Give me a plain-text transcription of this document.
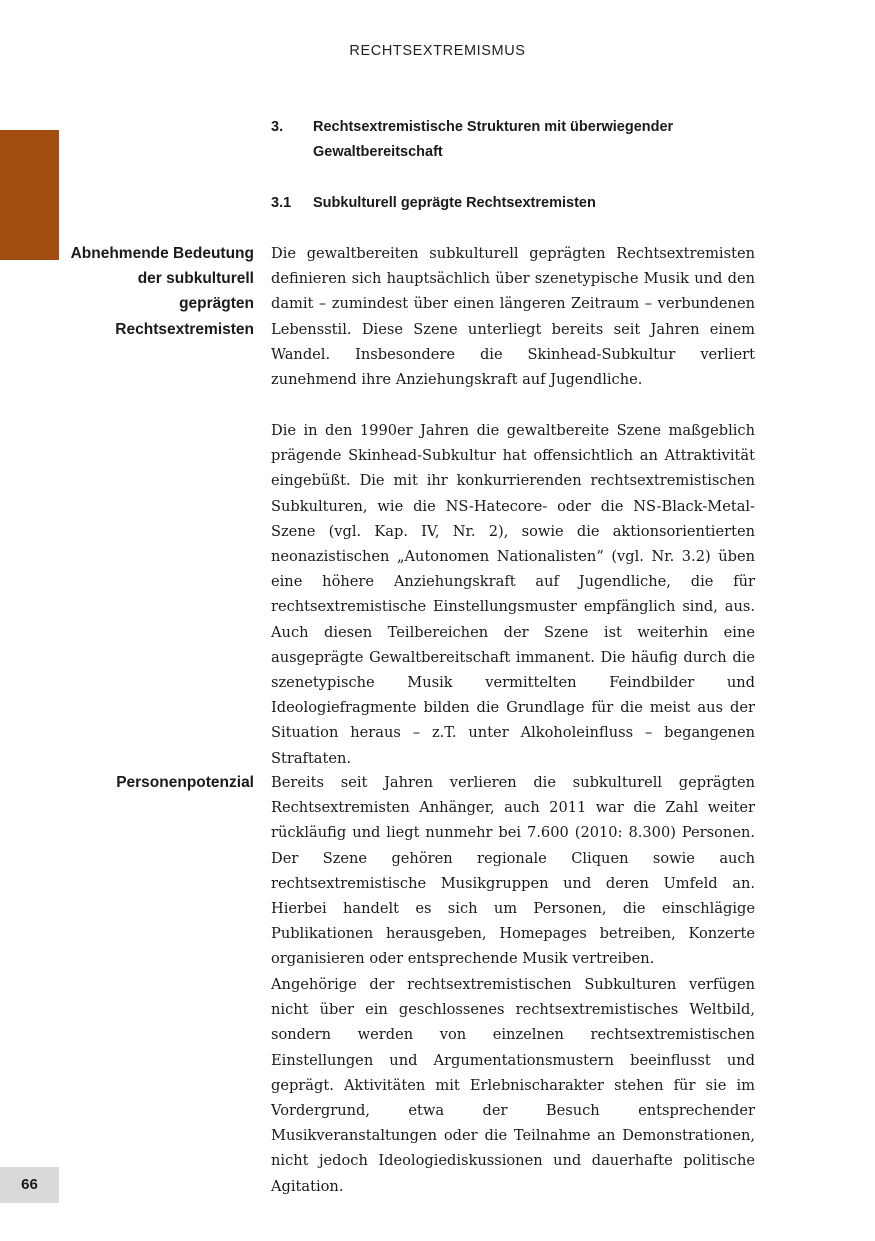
RECHTSEXTREMISMUS
66
3. Rechtsextremistische Strukturen mit überwiegender Gewaltbereitschaft
3.1 Subkulturell geprägte Rechtsextremisten
Abnehmende Bedeutung der subkulturell geprägten Rechtsextremisten
Personenpotenzial

Die gewaltbereiten subkulturell geprägten Rechtsextremisten definieren sich hauptsächlich über szenetypische Musik und den damit – zumindest über einen längeren Zeitraum – verbundenen Lebensstil. Diese Szene unterliegt bereits seit Jahren einem Wandel. Insbesondere die Skinhead-Subkultur verliert zunehmend ihre Anziehungskraft auf Jugendliche.

Die in den 1990er Jahren die gewaltbereite Szene maßgeblich prägende Skinhead-Subkultur hat offensichtlich an Attraktivität eingebüßt. Die mit ihr konkurrierenden rechtsextremistischen Subkulturen, wie die NS-Hatecore- oder die NS-Black-Metal-Szene (vgl. Kap. IV, Nr. 2), sowie die aktionsorientierten neonazistischen „Autonomen Nationalisten“ (vgl. Nr. 3.2) üben eine höhere Anziehungskraft auf Jugendliche, die für rechtsextremistische Einstellungsmuster empfänglich sind, aus. Auch diesen Teilbereichen der Szene ist weiterhin eine ausgeprägte Gewaltbereitschaft immanent. Die häufig durch die szenetypische Musik vermittelten Feindbilder und Ideologiefragmente bilden die Grundlage für die meist aus der Situation heraus – z.T. unter Alkoholeinfluss – begangenen Straftaten.

Bereits seit Jahren verlieren die subkulturell geprägten Rechtsextremisten Anhänger, auch 2011 war die Zahl weiter rückläufig und liegt nunmehr bei 7.600 (2010: 8.300) Personen. Der Szene gehören regionale Cliquen sowie auch rechtsextremistische Musikgruppen und deren Umfeld an. Hierbei handelt es sich um Personen, die einschlägige Publikationen herausgeben, Homepages betreiben, Konzerte organisieren oder entsprechende Musik vertreiben.

Angehörige der rechtsextremistischen Subkulturen verfügen nicht über ein geschlossenes rechtsextremistisches Weltbild, sondern werden von einzelnen rechtsextremistischen Einstellungen und Argumentationsmustern beeinflusst und geprägt. Aktivitäten mit Erlebnischarakter stehen für sie im Vordergrund, etwa der Besuch entsprechender Musikveranstaltungen oder die Teilnahme an Demonstrationen, nicht jedoch Ideologiediskussionen und dauerhafte politische Agitation.
